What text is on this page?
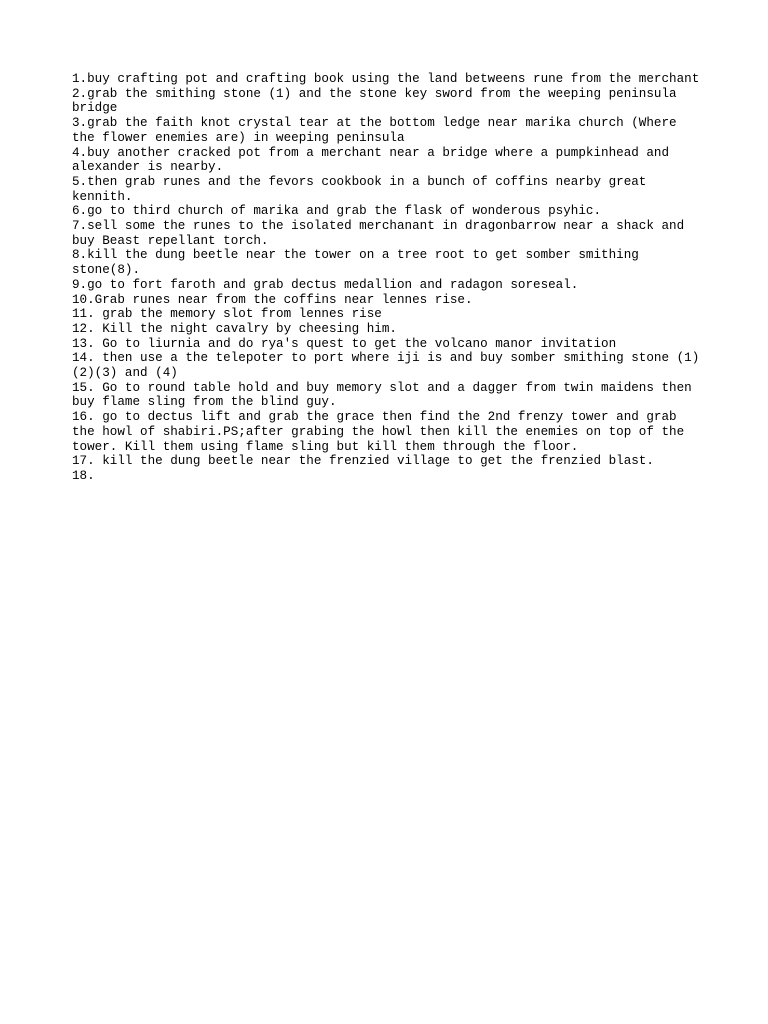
1.buy crafting pot and crafting book using the land betweens rune from the merchant
2.grab the smithing stone (1) and the stone key sword from the weeping peninsula
bridge
3.grab the faith knot crystal tear at the bottom ledge near marika church (Where
the flower enemies are) in weeping peninsula
4.buy another cracked pot from a merchant near a bridge where a pumpkinhead and
alexander is nearby.
5.then grab runes and the fevors cookbook in a bunch of coffins nearby great
kennith.
6.go to third church of marika and grab the flask of wonderous psyhic.
7.sell some the runes to the isolated merchanant in dragonbarrow near a shack and
buy Beast repellant torch.
8.kill the dung beetle near the tower on a tree root to get somber smithing
stone(8).
9.go to fort faroth and grab dectus medallion and radagon soreseal.
10.Grab runes near from the coffins near lennes rise.
11. grab the memory slot from lennes rise
12. Kill the night cavalry by cheesing him.
13. Go to liurnia and do rya's quest to get the volcano manor invitation
14. then use a the telepoter to port where iji is and buy somber smithing stone (1)
(2)(3) and (4)
15. Go to round table hold and buy memory slot and a dagger from twin maidens then
buy flame sling from the blind guy.
16. go to dectus lift and grab the grace then find the 2nd frenzy tower and grab
the howl of shabiri.PS;after grabing the howl then kill the enemies on top of the
tower. Kill them using flame sling but kill them through the floor.
17. kill the dung beetle near the frenzied village to get the frenzied blast.
18.
